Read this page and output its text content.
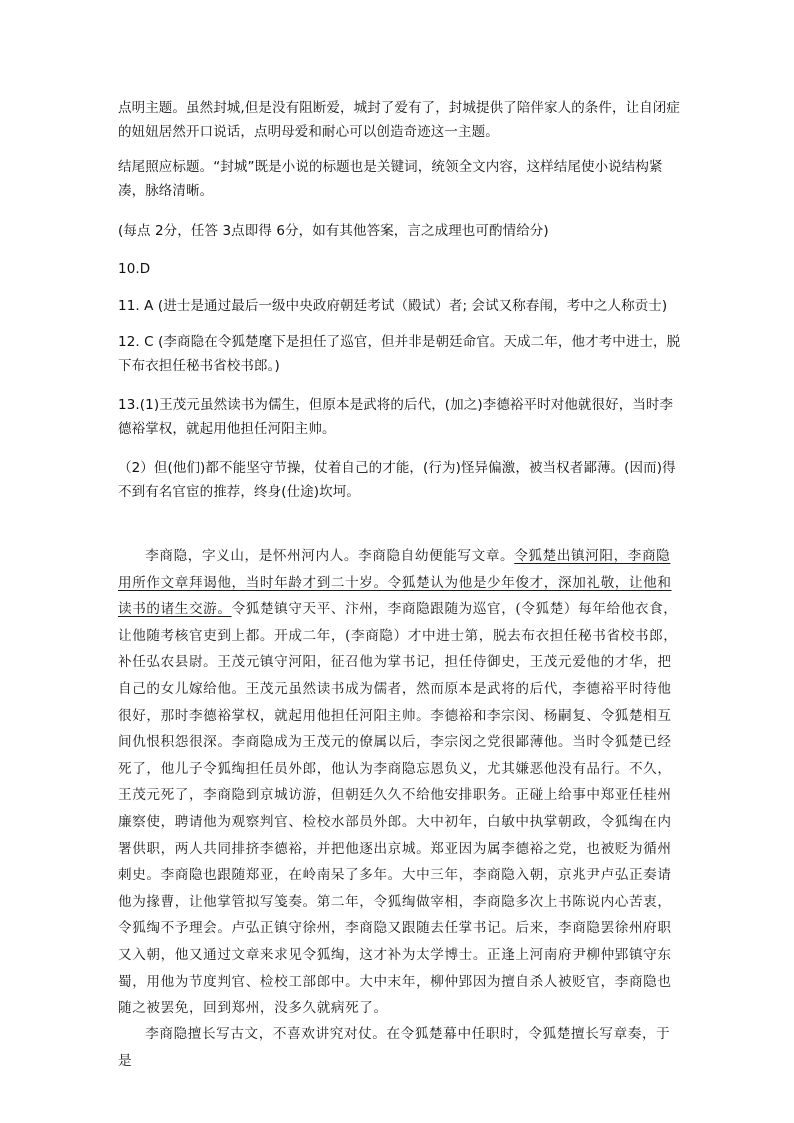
点明主题。虽然封城,但是没有阻断爱，城封了爱有了，封城提供了陪伴家人的条件，让自闭症的妞妞居然开口说话，点明母爱和耐心可以创造奇迹这一主题。

结尾照应标题。“封城”既是小说的标题也是关键词，统领全文内容，这样结尾使小说结构紧凑，脉络清晰。

(每点 2分，任答 3点即得 6分，如有其他答案，言之成理也可酌情给分)

10.D

11. A (进士是通过最后一级中央政府朝廷考试（殿试）者; 会试又称春闱，考中之人称贡士)

12. C (李商隐在令狐楚麾下是担任了巡官，但并非是朝廷命官。天成二年，他才考中进士，脱下布衣担任秘书省校书郎。)

13.(1)王茂元虽然读书为儒生，但原本是武将的后代，(加之)李德裕平时对他就很好，当时李德裕掌权，就起用他担任河阳主帅。

（2）但(他们)都不能坚守节操，仗着自己的才能，(行为)怪异偏激，被当权者鄙薄。(因而)得不到有名官宦的推荐，终身(仕途)坎坷。

李商隐，字义山，是怀州河内人。李商隐自幼便能写文章。令狐楚出镇河阳，李商隐用所作文章拜谒他，当时年龄才到二十岁。令狐楚认为他是少年俊才，深加礼敬，让他和读书的诸生交游。令狐楚镇守天平、汴州，李商隐跟随为巡官，(令狐楚）每年给他衣食，让他随考核官吏到上都。开成二年，(李商隐）才中进士第，脱去布衣担任秘书省校书郎，补任弘农县尉。王茂元镇守河阳，征召他为掌书记，担任侍御史，王茂元爱他的才华，把自己的女儿嫁给他。王茂元虽然读书成为儒者，然而原本是武将的后代，李德裕平时待他很好，那时李德裕掌权，就起用他担任河阳主帅。李德裕和李宗闵、杨嗣复、令狐楚相互间仇恨积怨很深。李商隐成为王茂元的僚属以后，李宗闵之党很鄙薄他。当时令狐楚已经死了，他儿子令狐绹担任员外郎，他认为李商隐忘恩负义，尤其嫌恶他没有品行。不久，王茂元死了，李商隐到京城访游，但朝廷久久不给他安排职务。正碰上给事中郑亚任桂州廉察使，聘请他为观察判官、检校水部员外郎。大中初年，白敏中执掌朝政，令狐绹在内署供职，两人共同排挤李德裕，并把他逐出京城。郑亚因为属李德裕之党，也被贬为循州刺史。李商隐也跟随郑亚，在岭南呆了多年。大中三年，李商隐入朝，京兆尹卢弘正奏请他为掾曹，让他掌管拟写笺奏。第二年，令狐绹做宰相，李商隐多次上书陈说内心苦衷，令狐绹不予理会。卢弘正镇守徐州，李商隐又跟随去任掌书记。后来，李商隐罢徐州府职又入朝，他又通过文章来求见令狐绹，这才补为太学博士。正逢上河南府尹柳仲郢镇守东蜀，用他为节度判官、检校工部郎中。大中末年，柳仲郢因为擅自杀人被贬官，李商隐也随之被罢免，回到郑州，没多久就病死了。

李商隐擅长写古文，不喜欢讲究对仗。在令狐楚幕中任职时，令狐楚擅长写章奏，于是
